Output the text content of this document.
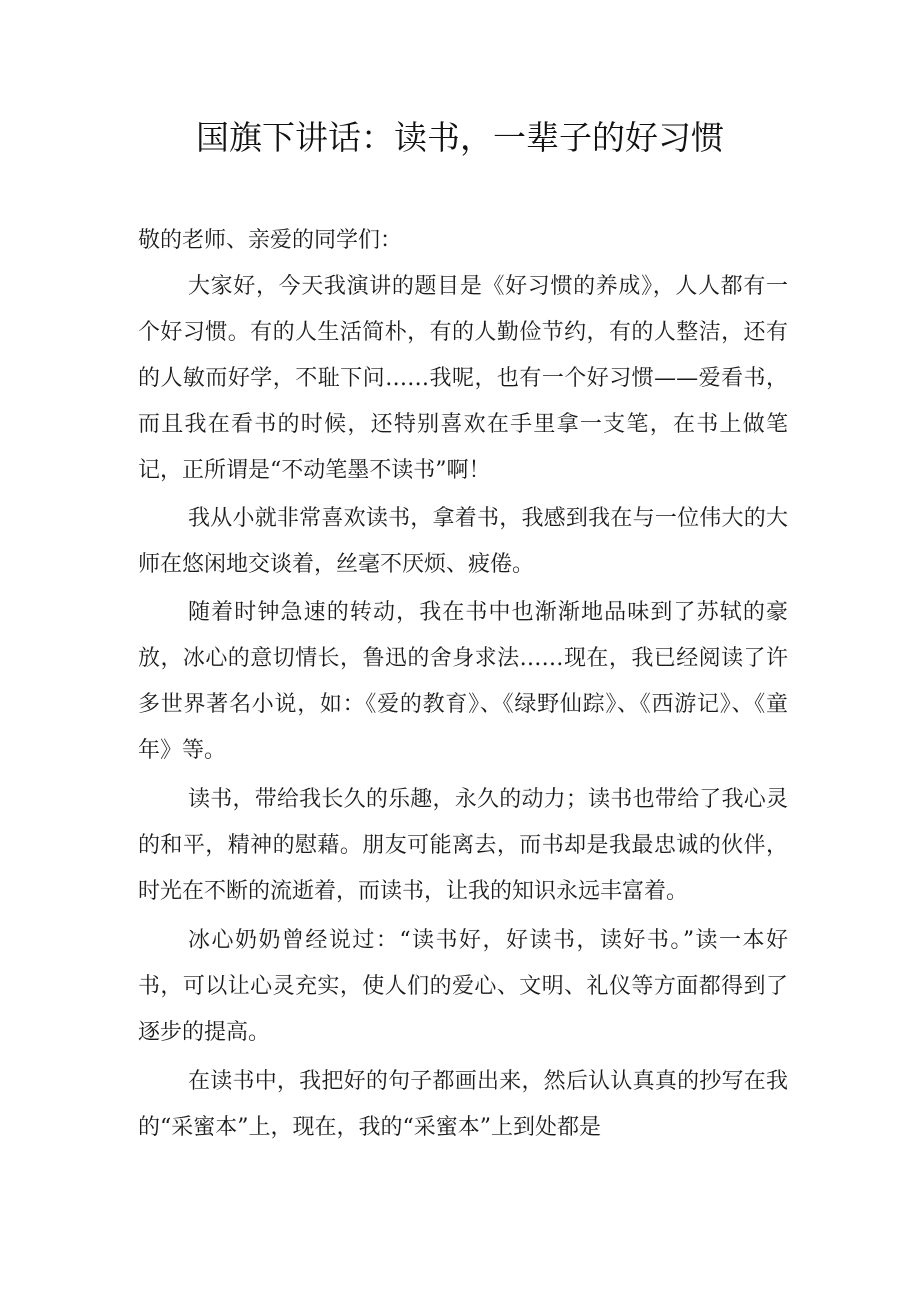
国旗下讲话：读书，一辈子的好习惯

敬的老师、亲爱的同学们：

大家好，今天我演讲的题目是《好习惯的养成》，人人都有一个好习惯。有的人生活简朴，有的人勤俭节约，有的人整洁，还有的人敏而好学，不耻下问……我呢，也有一个好习惯——爱看书，而且我在看书的时候，还特别喜欢在手里拿一支笔，在书上做笔记，正所谓是“不动笔墨不读书”啊！

我从小就非常喜欢读书，拿着书，我感到我在与一位伟大的大师在悠闲地交谈着，丝毫不厌烦、疲倦。

随着时钟急速的转动，我在书中也渐渐地品味到了苏轼的豪放，冰心的意切情长，鲁迅的舍身求法……现在，我已经阅读了许多世界著名小说，如：《爱的教育》、《绿野仙踪》、《西游记》、《童年》等。

读书，带给我长久的乐趣，永久的动力；读书也带给了我心灵的和平，精神的慰藉。朋友可能离去，而书却是我最忠诚的伙伴，时光在不断的流逝着，而读书，让我的知识永远丰富着。

冰心奶奶曾经说过：“读书好，好读书，读好书。”读一本好书，可以让心灵充实，使人们的爱心、文明、礼仪等方面都得到了逐步的提高。

在读书中，我把好的句子都画出来，然后认认真真的抄写在我的“采蜜本”上，现在，我的“采蜜本”上到处都是
